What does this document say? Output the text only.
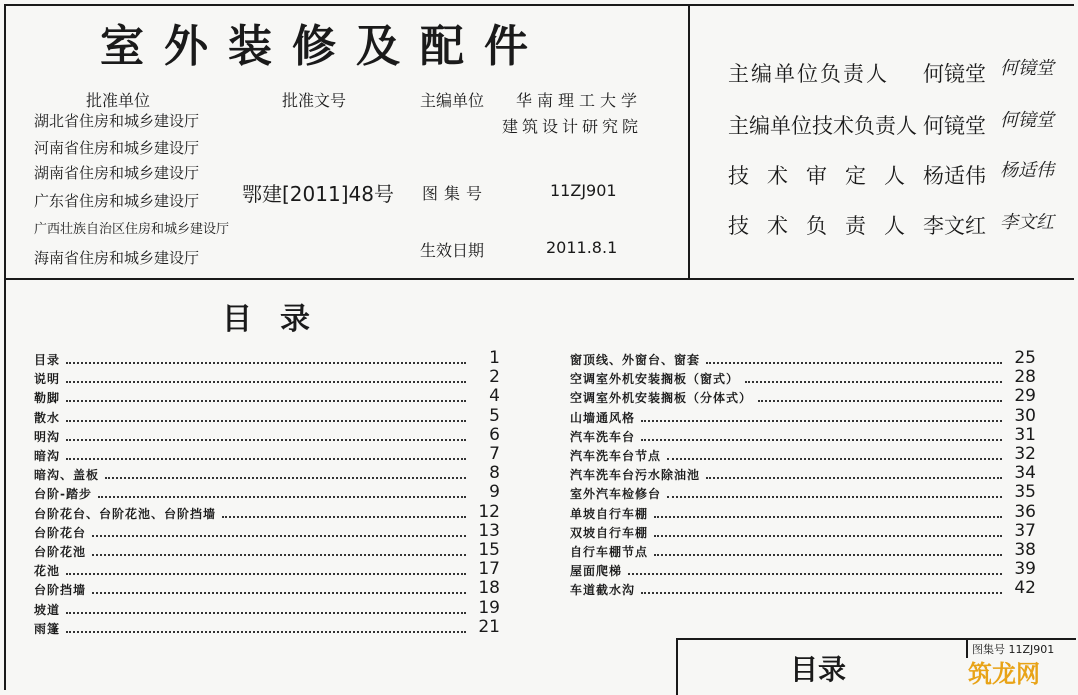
室外装修及配件
批准单位	批准文号	主编单位 华南理工大学
建筑设计研究院
湖北省住房和城乡建设厅
河南省住房和城乡建设厅
湖南省住房和城乡建设厅
广东省住房和城乡建设厅
广西壮族自治区住房和城乡建设厅
海南省住房和城乡建设厅
鄂建[2011]48号 图集号	11ZJ901
生效日期	2011.8.1
主编单位负责人 何镜堂 何镜堂
主编单位技术负责人 何镜堂 何镜堂
技术审定人 杨适伟 杨适伟
技术负责人 李文红 李文红
目录
目录	1
说明	2
勒脚	4
散水	5
明沟	6
暗沟	7
暗沟、盖板	8
台阶-踏步	9
台阶花台、台阶花池、台阶挡墙	12
台阶花台	13
台阶花池	15
花池	17
台阶挡墙	18
坡道	19
雨篷	21
窗顶线、外窗台、窗套	25
空调室外机安装搁板（窗式）	28
空调室外机安装搁板（分体式）	29
山墙通风格	30
汽车洗车台	31
汽车洗车台节点	32
汽车洗车台污水除油池	34
室外汽车检修台	35
单坡自行车棚	36
双坡自行车棚	37
自行车棚节点	38
屋面爬梯	39
车道截水沟	42
目录
图集号 11ZJ901
筑龙网
